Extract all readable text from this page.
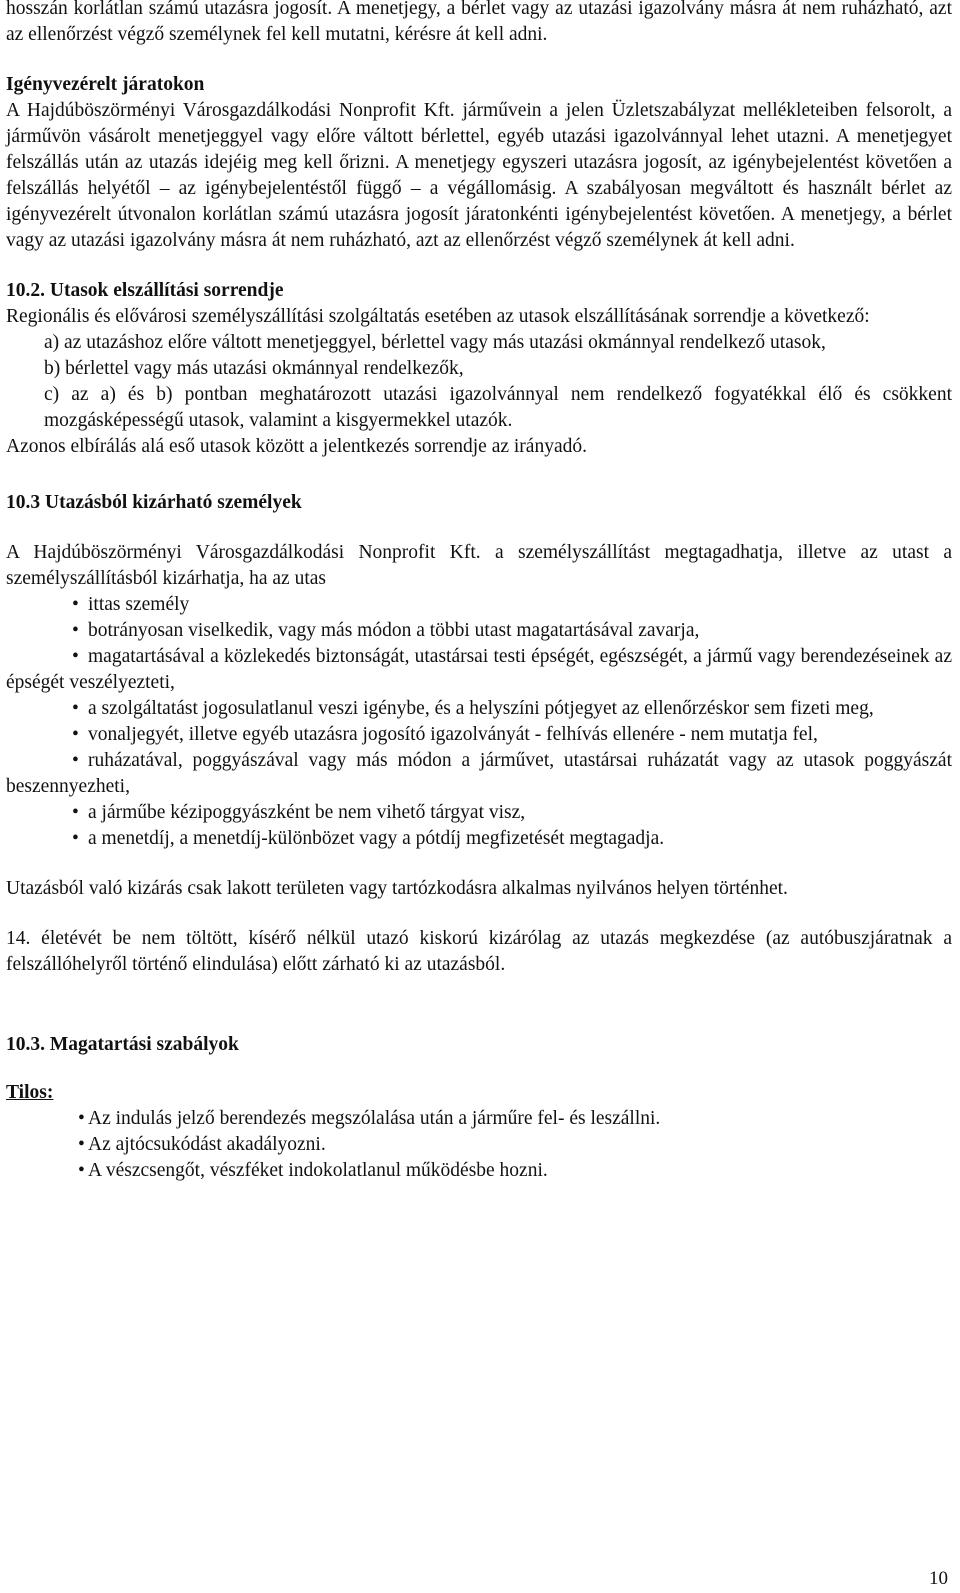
hosszán korlátlan számú utazásra jogosít. A menetjegy, a bérlet vagy az utazási igazolvány másra át nem ruházható, azt az ellenőrzést végző személynek fel kell mutatni, kérésre át kell adni.

Igényvezérelt járatokon

A Hajdúböszörményi Városgazdálkodási Nonprofit Kft. járművein a jelen Üzletszabályzat mellékleteiben felsorolt, a járművön vásárolt menetjeggyel vagy előre váltott bérlettel, egyéb utazási igazolvánnyal lehet utazni. A menetjegyet felszállás után az utazás idejéig meg kell őrizni. A menetjegy egyszeri utazásra jogosít, az igénybejelentést követően a felszállás helyétől – az igénybejelentéstől függő – a végállomásig. A szabályosan megváltott és használt bérlet az igényvezérelt útvonalon korlátlan számú utazásra jogosít járatonkénti igénybejelentést követően. A menetjegy, a bérlet vagy az utazási igazolvány másra át nem ruházható, azt az ellenőrzést végző személynek át kell adni.

10.2. Utasok elszállítási sorrendje

Regionális és elővárosi személyszállítási szolgáltatás esetében az utasok elszállításának sorrendje a következő:

a) az utazáshoz előre váltott menetjeggyel, bérlettel vagy más utazási okmánnyal rendelkező utasok,

b) bérlettel vagy más utazási okmánnyal rendelkezők,

c) az a) és b) pontban meghatározott utazási igazolvánnyal nem rendelkező fogyatékkal élő és csökkent mozgásképességű utasok, valamint a kisgyermekkel utazók.

Azonos elbírálás alá eső utasok között a jelentkezés sorrendje az irányadó.

10.3 Utazásból kizárható személyek

A Hajdúböszörményi Városgazdálkodási Nonprofit Kft. a személyszállítást megtagadhatja, illetve az utast a személyszállításból kizárhatja, ha az utas

• ittas személy
• botrányosan viselkedik, vagy más módon a többi utast magatartásával zavarja,
• magatartásával a közlekedés biztonságát, utastársai testi épségét, egészségét, a jármű vagy berendezéseinek az épségét veszélyezteti,
• a szolgáltatást jogosulatlanul veszi igénybe, és a helyszíni pótjegyet az ellenőrzéskor sem fizeti meg,
• vonaljegyét, illetve egyéb utazásra jogosító igazolványát - felhívás ellenére - nem mutatja fel,
• ruházatával, poggyászával vagy más módon a járművet, utastársai ruházatát vagy az utasok poggyászát beszennyezheti,
• a járműbe kézipoggyászként be nem vihető tárgyat visz,
• a menetdíj, a menetdíj-különbözet vagy a pótdíj megfizetését megtagadja.

Utazásból való kizárás csak lakott területen vagy tartózkodásra alkalmas nyilvános helyen történhet.

14. életévét be nem töltött, kísérő nélkül utazó kiskorú kizárólag az utazás megkezdése (az autóbuszjáratnak a felszállóhelyről történő elindulása) előtt zárható ki az utazásból.

10.3. Magatartási szabályok

Tilos:

• Az indulás jelző berendezés megszólalása után a járműre fel- és leszállni.
• Az ajtócsukódást akadályozni.
• A vészcsengőt, vészféket indokolatlanul működésbe hozni.
10
